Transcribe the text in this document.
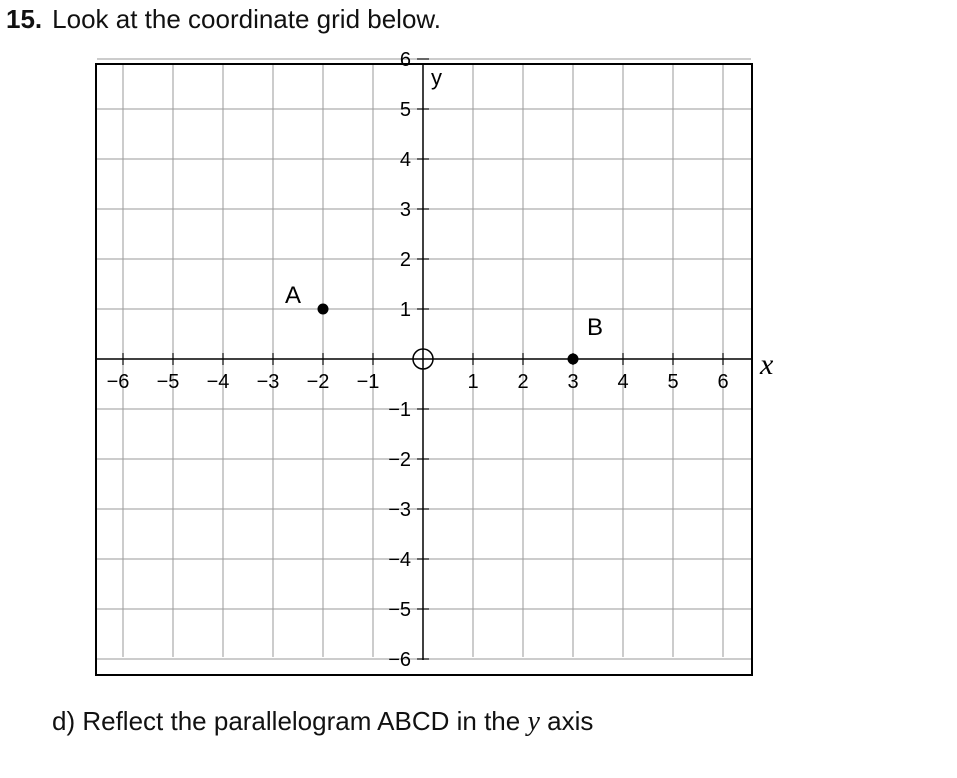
15. Look at the coordinate grid below.
−6 −5 −4 −3 −2 −1	1 2 3 4 5 6
6
5
4
3
2
1
−1
−2
−3
−4
−5
−6
y
x
A
B
d) Reflect the parallelogram ABCD in the y axis
